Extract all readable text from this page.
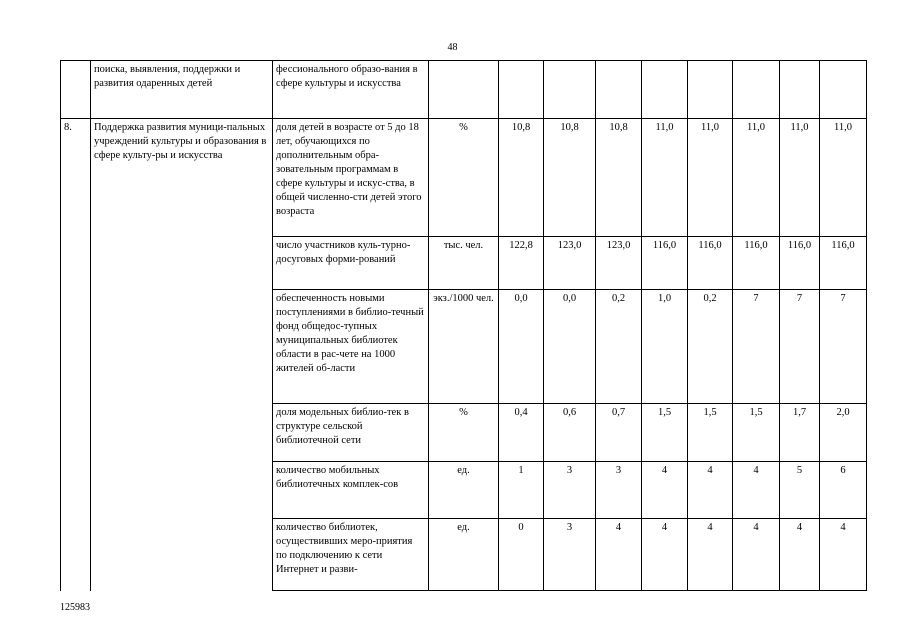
48
	поиска, выявления, поддержки и развития одаренных детей	фессионального образо-вания в сфере культуры и искусства									
8.	Поддержка развития муници-пальных учреждений культуры и образования в сфере культу-ры и искусства	доля детей в возрасте от 5 до 18 лет, обучающихся по дополнительным обра-зовательным программам в сфере культуры и искус-ства, в общей численно-сти детей этого возраста	%	10,8	10,8	10,8	11,0	11,0	11,0	11,0	11,0
		число участников куль-турно-досуговых форми-рований	тыс. чел.	122,8	123,0	123,0	116,0	116,0	116,0	116,0	116,0
		обеспеченность новыми поступлениями в библио-течный фонд общедос-тупных муниципальных библиотек области в рас-чете на 1000 жителей об-ласти	экз./1000 чел.	0,0	0,0	0,2	1,0	0,2	7	7	7
		доля модельных библио-тек в структуре сельской библиотечной сети	%	0,4	0,6	0,7	1,5	1,5	1,5	1,7	2,0
		количество мобильных библиотечных комплек-сов	ед.	1	3	3	4	4	4	5	6
		количество библиотек, осуществивших меро-приятия по подключению к сети Интернет и разви-	ед.	0	3	4	4	4	4	4	4
125983
